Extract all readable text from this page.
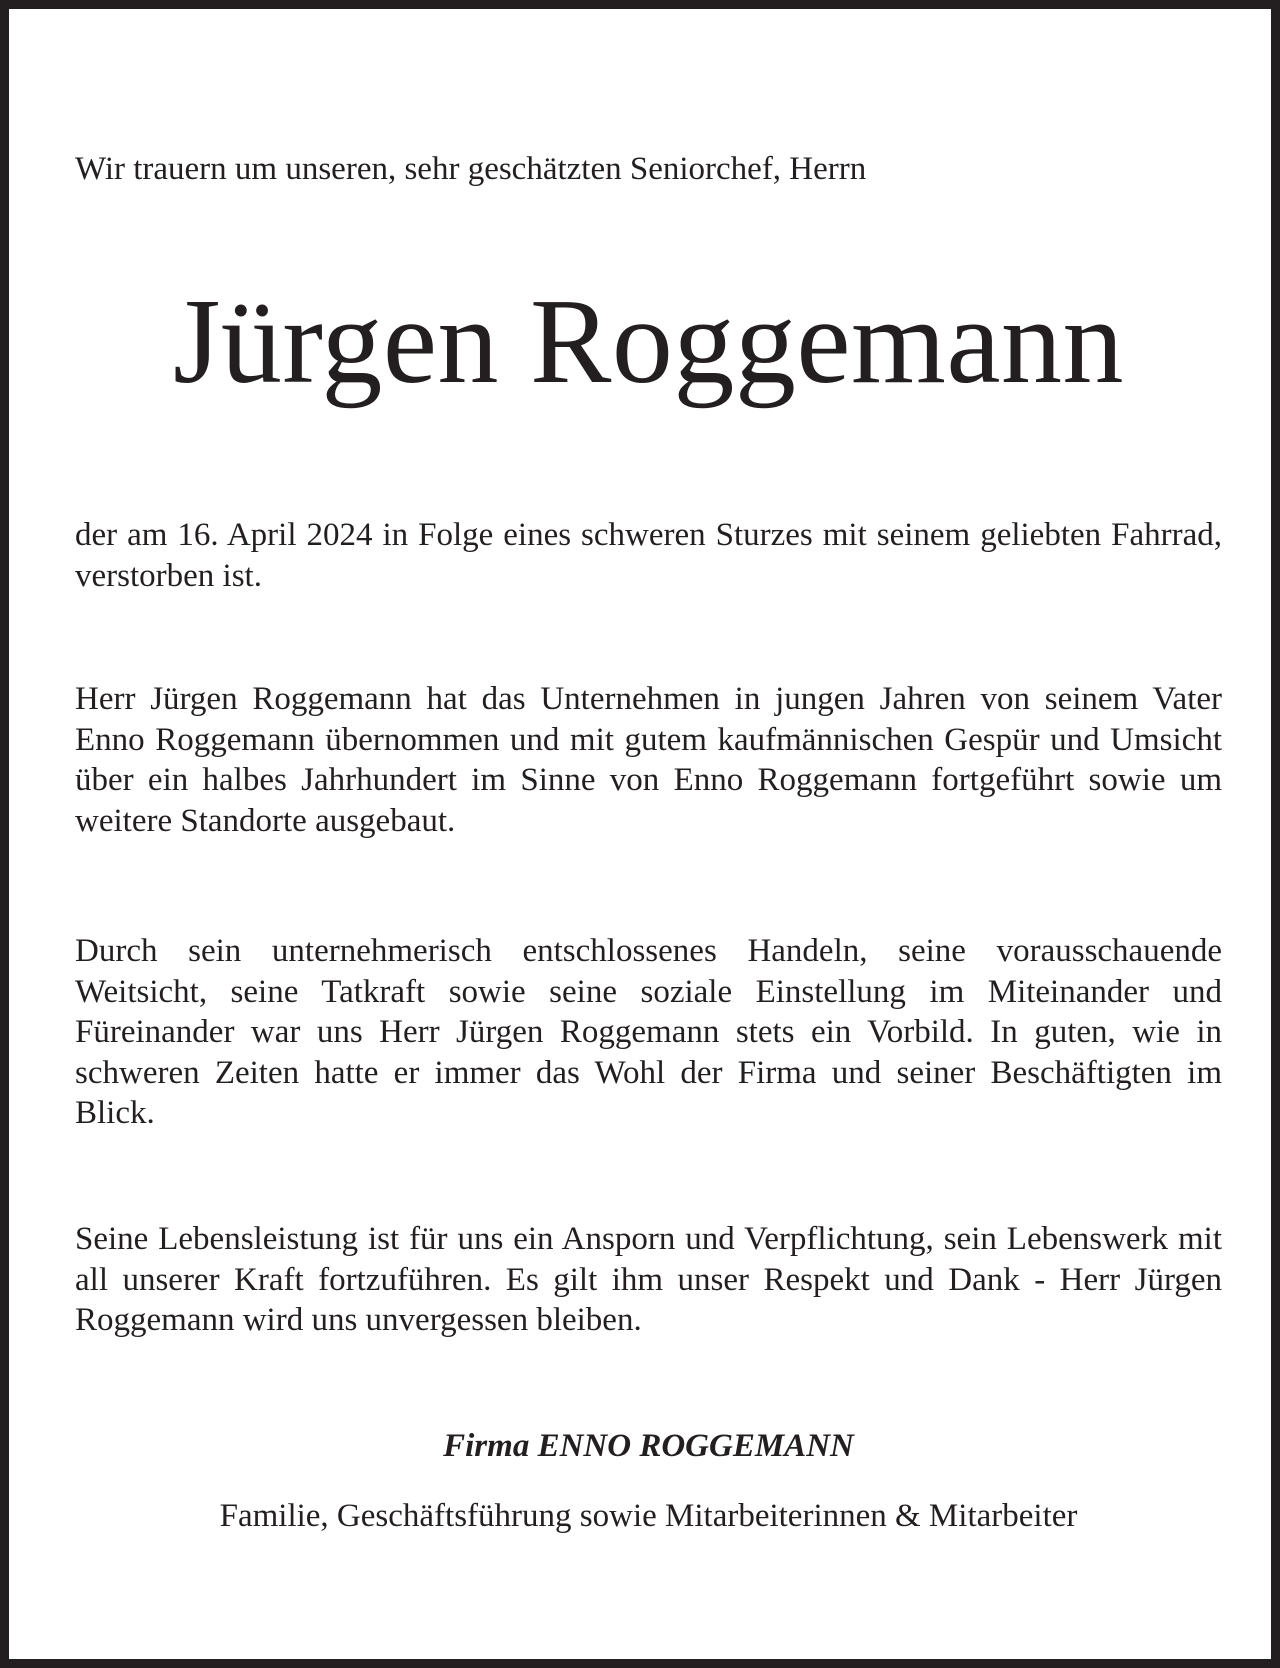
Wir trauern um unseren, sehr geschätzten Seniorchef, Herrn
Jürgen Roggemann

der am 16. April 2024 in Folge eines schweren Sturzes mit seinem geliebten Fahrrad, verstorben ist.

Herr Jürgen Roggemann hat das Unternehmen in jungen Jahren von seinem Vater Enno Roggemann übernommen und mit gutem kaufmännischen Gespür und Umsicht über ein halbes Jahrhundert im Sinne von Enno Roggemann fortgeführt sowie um weitere Standorte ausgebaut.

Durch sein unternehmerisch entschlossenes Handeln, seine vorausschauende Weitsicht, seine Tatkraft sowie seine soziale Einstellung im Miteinander und Füreinander war uns Herr Jürgen Roggemann stets ein Vorbild. In guten, wie in schweren Zeiten hatte er immer das Wohl der Firma und seiner Beschäftigten im Blick.

Seine Lebensleistung ist für uns ein Ansporn und Verpflichtung, sein Lebenswerk mit all unserer Kraft fortzuführen. Es gilt ihm unser Respekt und Dank - Herr Jürgen Roggemann wird uns unvergessen bleiben.

Firma ENNO ROGGEMANN
Familie, Geschäftsführung sowie Mitarbeiterinnen & Mitarbeiter
